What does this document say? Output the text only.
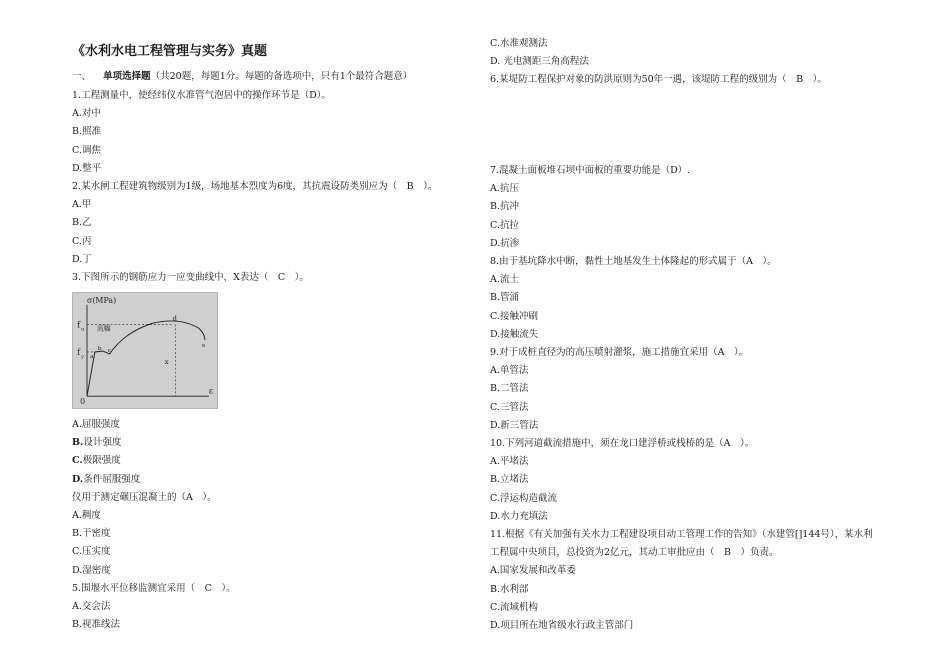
《水利水电工程管理与实务》真题
一、 单项选择题（共20题，每题1分。每题的备选项中，只有1个最符合题意）
1.工程测量中，使经纬仪水准管气泡居中的操作环节是（D）。
A.对中
B.照准
C.调焦
D.整平
2.某水闸工程建筑物级别为1级，场地基本烈度为6度，其抗震设防类别应为（　B　）。
A.甲
B.乙
C.丙
D.丁
3.下图所示的钢筋应力一应变曲线中，X表达（　C　）。
A.屈服强度
B.设计强度
C.极限强度
D.条件屈服强度
仪用于测定碾压混凝土的（A　）。
A.稠度
B.干密度
C.压实度
D.湿密度
5.围堰水平位移监测宜采用（　C　）。
A.交会法
B.视准线法
σ(MPa)
ε
0
f u
f y
流幅
a
b c
d
e
x
C.水准观测法
D. 光电测距三角高程法
6.某堤防工程保护对象的防洪原则为50年一遇，该堤防工程的级别为（　B　）。
7.混凝土面板堆石坝中面板的重要功能是（D）.
A.抗压
B.抗冲
C.抗拉
D.抗渗
8.由于基坑降水中断，黏性土地基发生土体隆起的形式属于（A　）。
A.流土
B.管涌
C.接触冲刷
D.接触流失
9.对于成桩直径为的高压喷射灌浆，施工措施宜采用（A　）。
A.单管法
B.二管法
C.三管法
D.新三管法
10.下列河道截流措施中，须在龙口建浮桥或栈桥的是（A　）。
A.平堵法
B.立堵法
C.浮运构造截流
D.水力充填法
11.根据《有关加强有关水力工程建设项目动工管理工作的告知》（水建管[]144号），某水利
工程属中央项目，总投资为2亿元，其动工审批应由（　B　）负责。
A.国家发展和改革委
B.水利部
C.流域机构
D.项目所在地省级水行政主管部门
